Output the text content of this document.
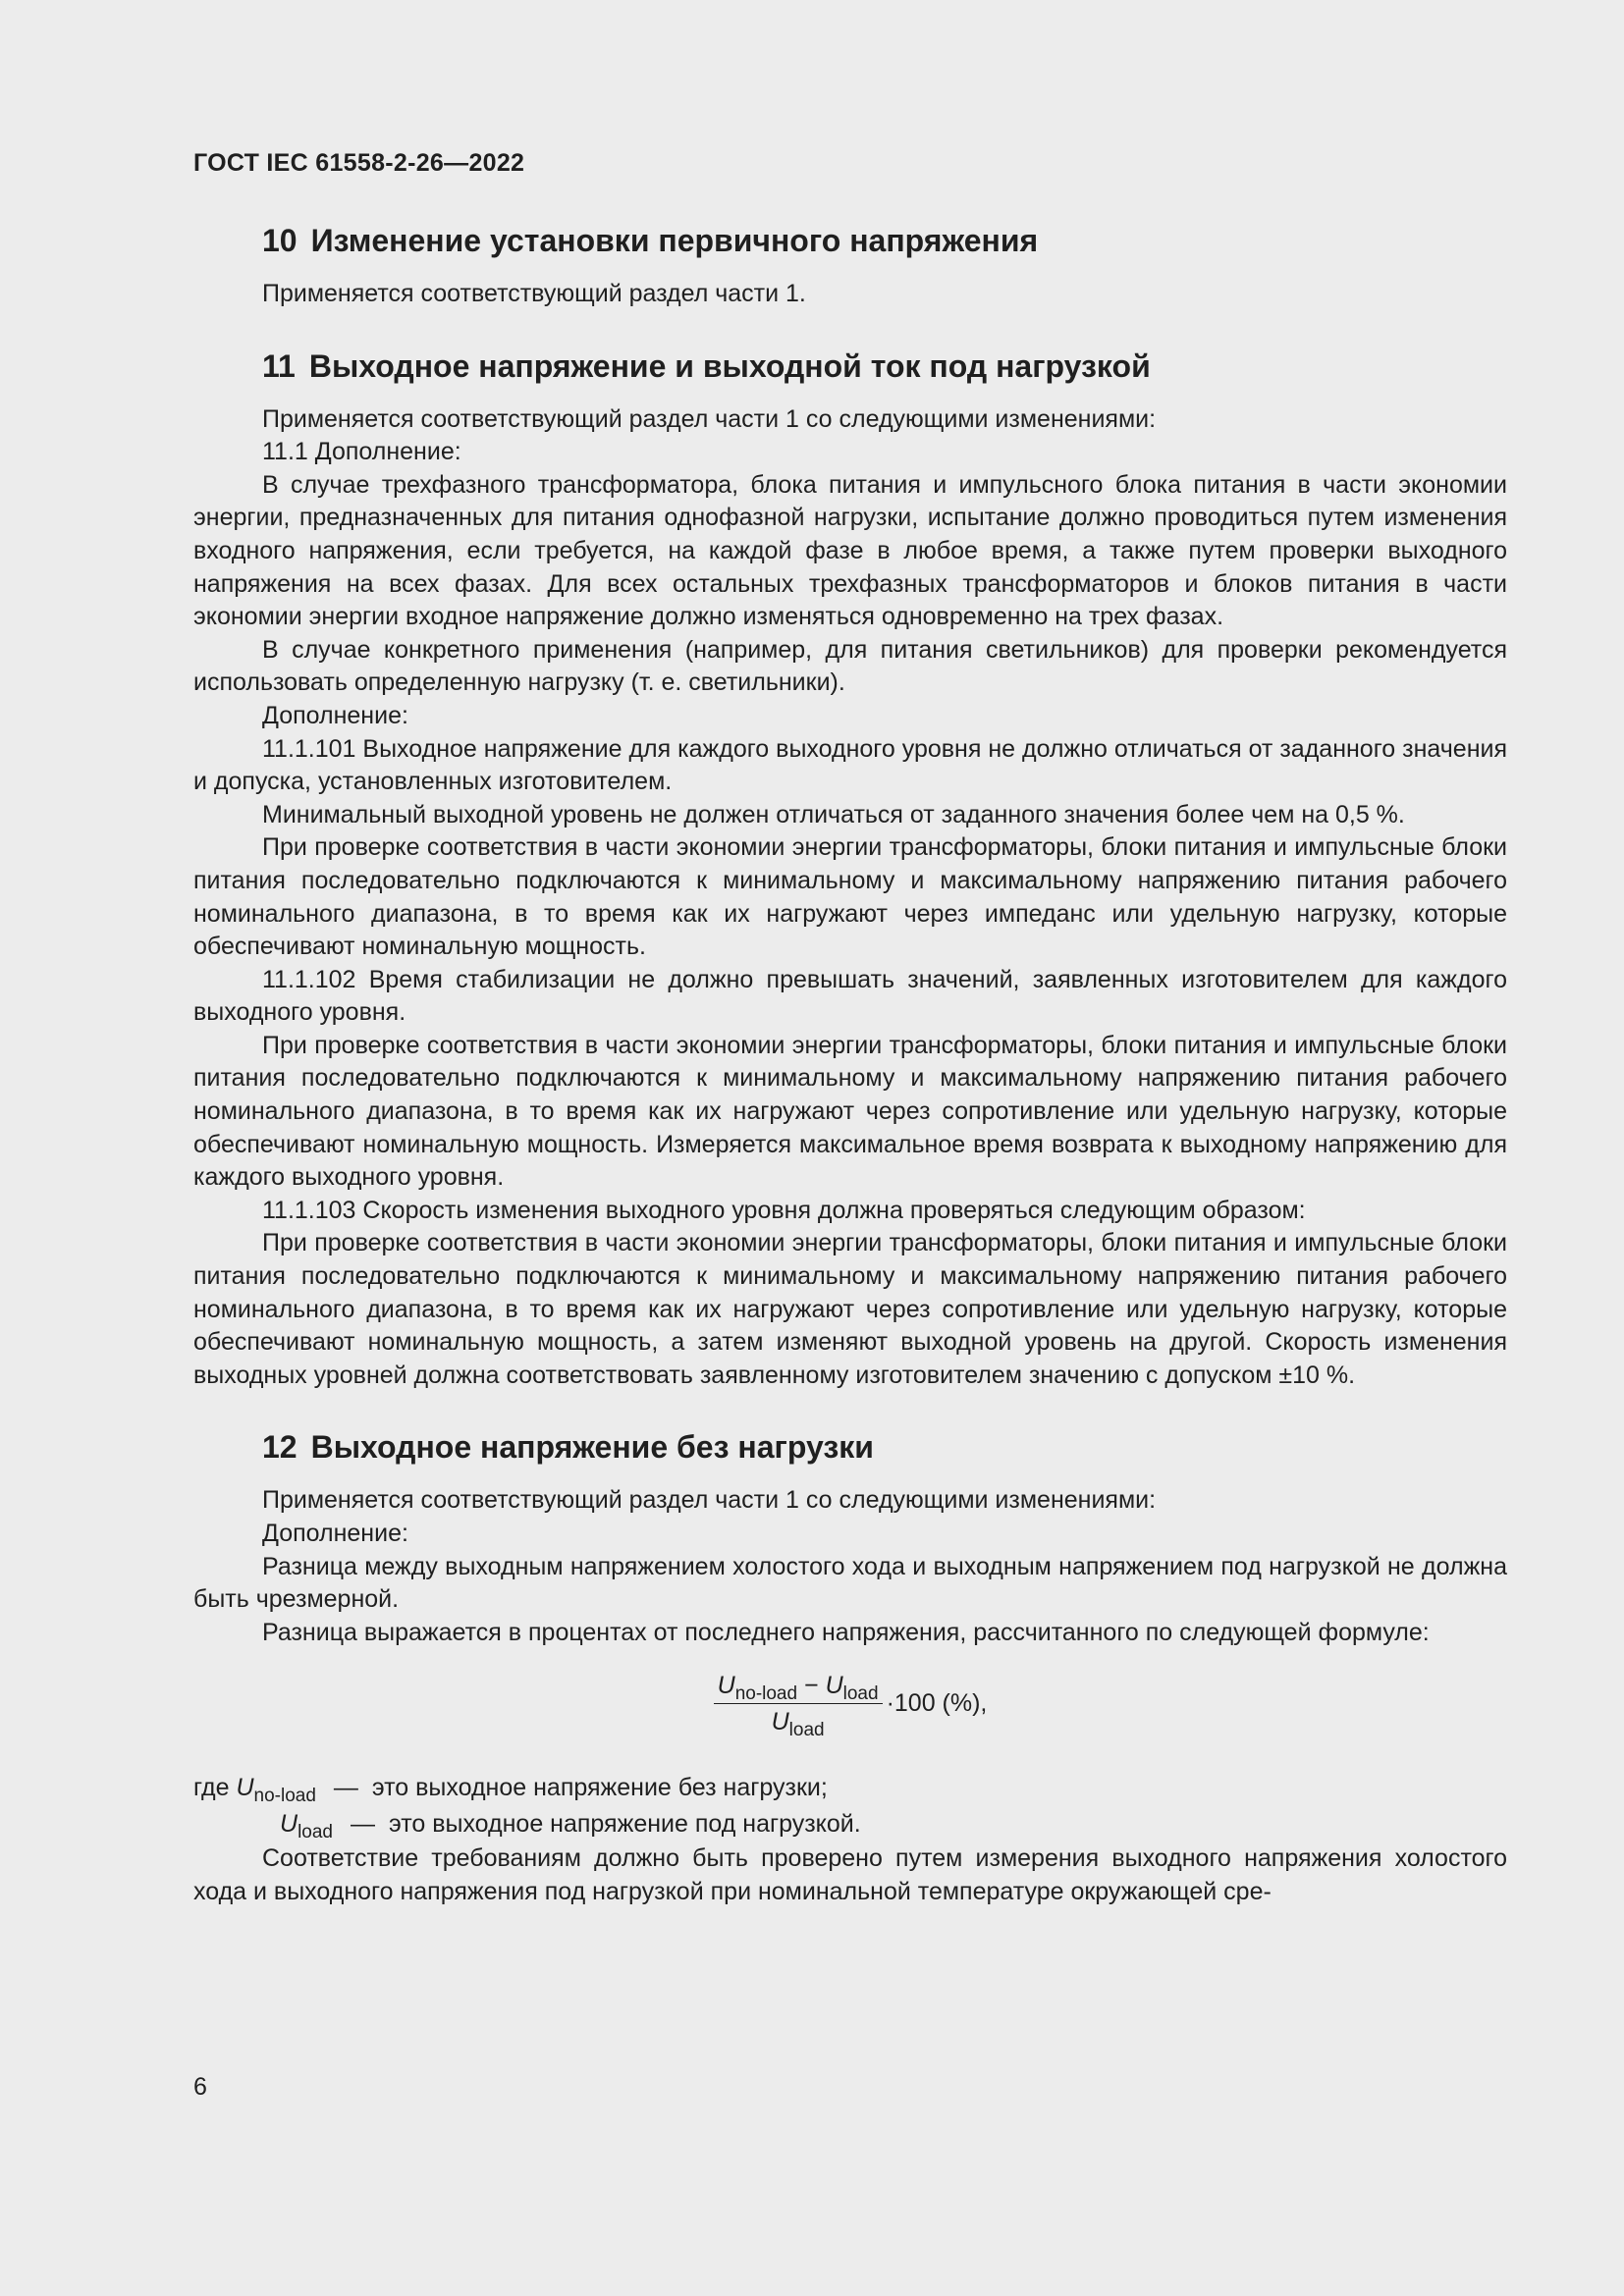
ГОСТ IEC 61558-2-26—2022
10 Изменение установки первичного напряжения

Применяется соответствующий раздел части 1.

11 Выходное напряжение и выходной ток под нагрузкой

Применяется соответствующий раздел части 1 со следующими изменениями:

11.1 Дополнение:

В случае трехфазного трансформатора, блока питания и импульсного блока питания в части экономии энергии, предназначенных для питания однофазной нагрузки, испытание должно проводиться путем изменения входного напряжения, если требуется, на каждой фазе в любое время, а также путем проверки выходного напряжения на всех фазах. Для всех остальных трехфазных трансформаторов и блоков питания в части экономии энергии входное напряжение должно изменяться одновременно на трех фазах.

В случае конкретного применения (например, для питания светильников) для проверки рекомендуется использовать определенную нагрузку (т. е. светильники).

Дополнение:

11.1.101 Выходное напряжение для каждого выходного уровня не должно отличаться от заданного значения и допуска, установленных изготовителем.

Минимальный выходной уровень не должен отличаться от заданного значения более чем на 0,5 %.

При проверке соответствия в части экономии энергии трансформаторы, блоки питания и импульсные блоки питания последовательно подключаются к минимальному и максимальному напряжению питания рабочего номинального диапазона, в то время как их нагружают через импеданс или удельную нагрузку, которые обеспечивают номинальную мощность.

11.1.102 Время стабилизации не должно превышать значений, заявленных изготовителем для каждого выходного уровня.

При проверке соответствия в части экономии энергии трансформаторы, блоки питания и импульсные блоки питания последовательно подключаются к минимальному и максимальному напряжению питания рабочего номинального диапазона, в то время как их нагружают через сопротивление или удельную нагрузку, которые обеспечивают номинальную мощность. Измеряется максимальное время возврата к выходному напряжению для каждого выходного уровня.

11.1.103 Скорость изменения выходного уровня должна проверяться следующим образом:

При проверке соответствия в части экономии энергии трансформаторы, блоки питания и импульсные блоки питания последовательно подключаются к минимальному и максимальному напряжению питания рабочего номинального диапазона, в то время как их нагружают через сопротивление или удельную нагрузку, которые обеспечивают номинальную мощность, а затем изменяют выходной уровень на другой. Скорость изменения выходных уровней должна соответствовать заявленному изготовителем значению с допуском ±10 %.

12 Выходное напряжение без нагрузки

Применяется соответствующий раздел части 1 со следующими изменениями:

Дополнение:

Разница между выходным напряжением холостого хода и выходным напряжением под нагрузкой не должна быть чрезмерной.

Разница выражается в процентах от последнего напряжения, рассчитанного по следующей формуле:

$\frac{U_{no-load} - U_{load}}{U_{load}} \cdot 100$ (%),
где $U_{no-load}$ — это выходное напряжение без нагрузки;
$U_{load}$ — это выходное напряжение под нагрузкой.

Соответствие требованиям должно быть проверено путем измерения выходного напряжения холостого хода и выходного напряжения под нагрузкой при номинальной температуре окружающей сре-

6
